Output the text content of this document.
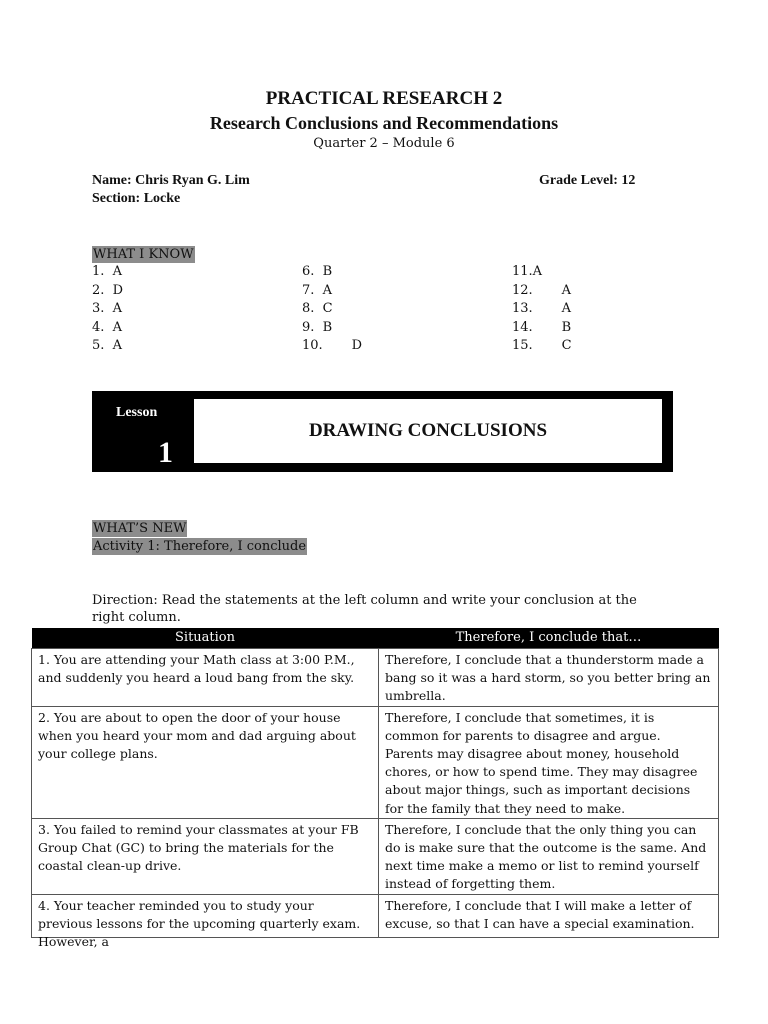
PRACTICAL RESEARCH 2
Research Conclusions and Recommendations
Quarter 2 – Module 6
Name: Chris Ryan G. Lim	Grade Level: 12
Section: Locke
WHAT I KNOW
1.  A
2.  D
3.  A
4.  A
5.  A
6.  B
7.  A
8.  C
9.  B
10.       D
11.A
12.       A
13.       A
14.       B
15.       C
DRAWING CONCLUSIONS
Lesson
1
WHAT’S NEW
Activity 1: Therefore, I conclude
Direction: Read the statements at the left column and write your conclusion at the right column.
Situation	Therefore, I conclude that…
1. You are attending your Math class at 3:00 P.M., and suddenly you heard a loud bang from the sky.	Therefore, I conclude that a thunderstorm made a bang so it was a hard storm, so you better bring an umbrella.
2. You are about to open the door of your house when you heard your mom and dad arguing about your college plans.	Therefore, I conclude that sometimes, it is common for parents to disagree and argue. Parents may disagree about money, household chores, or how to spend time. They may disagree about major things, such as important decisions for the family that they need to make.
3. You failed to remind your classmates at your FB Group Chat (GC) to bring the materials for the coastal clean-up drive.	Therefore, I conclude that the only thing you can do is make sure that the outcome is the same. And next time make a memo or list to remind yourself instead of forgetting them.

4. Your teacher reminded you to study your previous lessons for the upcoming quarterly exam. However, a	Therefore, I conclude that I will make a letter of excuse, so that I can have a special examination.
